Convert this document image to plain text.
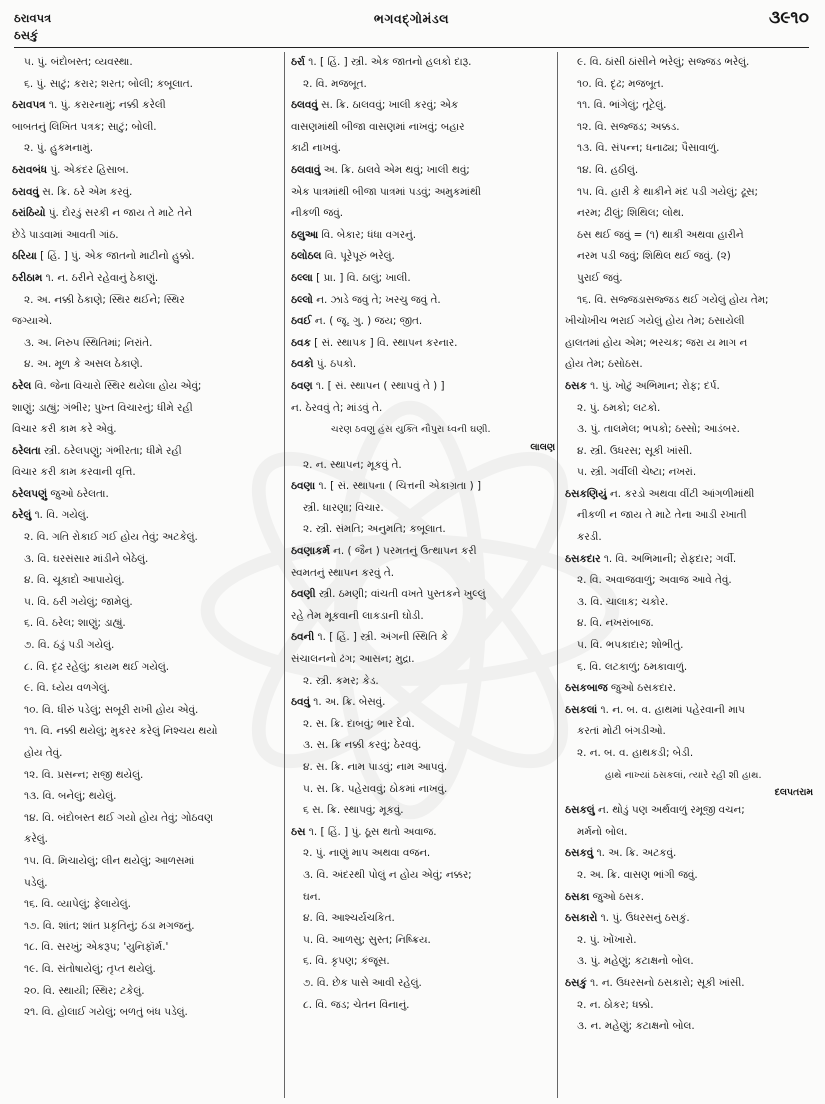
ઠરાવપત્ર
ઠસકું
ભગવદ્ગોમંડલ	૩૯૧૦
૫. પું. બંદોબસ્ત; વ્યવસ્થા.
૬. પું. સાટું; કરાર; શરત; બોલી; કબૂલાત.
ઠરાવપત્ર ૧. પું. કરારનામું; નક્કી કરેલી
બાબતનું લિખિત પત્રક; સાટું; બોલી.
૨. પું. હુકમનામું.
ઠરાવબંધ પું. એકંદર હિસાબ.
ઠરાવવું સ. ક્રિ. ઠરે એમ કરવું.
ઠરાંઠિયો પું. દોરડું સરકી ન જાય તે માટે તેને
છેડે પાડવામાં આવતી ગાંઠ.
ઠરિયા [ હિં. ] પું. એક જાતનો માટીનો હુક્કો.
ઠરીઠામ ૧. ન. ઠરીને રહેવાનું ઠેકાણું.
૨. અ. નક્કી ઠેકાણે; સ્થિર થઈને; સ્થિર
જગ્યાએ.
૩. અ. નિરુપ સ્થિતિમાં; નિરાંતે.
૪. અ. મૂળ કે અસલ ઠેકાણે.
ઠરેલ વિ. જેના વિચારો સ્થિર થયેલા હોય એવું;
શાણું; ડાહ્યું; ગંભીર; પુખ્ત વિચારનું; ધીમે રહી
વિચાર કરી કામ કરે એવું.
ઠરેલતા સ્ત્રી. ઠરેલપણું; ગંભીરતા; ધીમે રહી
વિચાર કરી કામ કરવાની વૃત્તિ.
ઠરેલપણું જુઓ ઠરેલતા.
ઠરેલું ૧. વિ. ગયેલું.
૨. વિ. ગતિ રોકાઈ ગઈ હોય તેવું; અટકેલું.
૩. વિ. ઘરસંસાર માંડીને બેઠેલું.
૪. વિ. ચૂકાદો આપાયેલું.
૫. વિ. ઠરી ગયેલું; જામેલું.
૬. વિ. ઠરેલ; શાણું; ડાહ્યું.
૭. વિ. ઠંડું પડી ગયેલું.
૮. વિ. દૃઢ રહેલું; કાયમ થઈ ગયેલું.
૯. વિ. ધ્યેય વળગેલું.
૧૦. વિ. ધીરું પડેલું; સબૂરી રાખી હોય એવું.
૧૧. વિ. નક્કી થયેલું; મુકરર કરેલું નિશ્ચય થયો
હોય તેવું.
૧૨. વિ. પ્રસન્ન; રાજી થયેલું.
૧૩. વિ. બનેલું; થયેલું.
૧૪. વિ. બંદોબસ્ત થઈ ગયો હોય તેવું; ગોઠવણ
કરેલું.
૧૫. વિ. મિચાયેલું; લીન થયેલું; આળસમાં
પડેલું.
૧૬. વિ. વ્યાપેલું; ફેલાયેલું.
૧૭. વિ. શાંત; શાંત પ્રકૃતિનું; ઠંડા મગજનું.
૧૮. વિ. સરખું; એકરૂપ; 'યુનિફૉર્મ.'
૧૯. વિ. સંતોષાયેલું; તૃપ્ત થયેલું.
૨૦. વિ. સ્થાયી; સ્થિર; ટકેલું.
૨૧. વિ. હોલાઈ ગયેલું; બળતું બંધ પડેલું.
ઠર્રા ૧. [ હિં. ] સ્ત્રી. એક જાતનો હલકો દારૂ.
૨. વિ. મજબૂત.
ઠલવવું સ. ક્રિ. ઠાલવવું; ખાલી કરવું; એક
વાસણમાંથી બીજા વાસણમાં નાખવું; બહાર
કાઢી નાખવું.
ઠલવાવું અ. ક્રિ. ઠાલવે એમ થવું; ખાલી થવું;
એક પાત્રમાંથી બીજા પાત્રમાં પડવું; અમુકમાંથી
નીકળી જવું.
ઠલુઆ વિ. બેકાર; ધંધા વગરનું.
ઠલોઠલ વિ. પૂરેપૂરું ભરેલું.
ઠલ્લા [ પ્રા. ] વિ. ઠાલું; ખાલી.
ઠલ્લો ન. ઝાડે જવું તે; ખરચુ જવું તે.
ઠવઈ ન. ( જૂ. ગુ. ) જય; જીત.
ઠવક [ સં. સ્થાપક ] વિ. સ્થાપન કરનાર.
ઠવકો પું. ઠપકો.
ઠવણ ૧. [ સં. સ્થાપન ( સ્થાપવું તે ) ]
ન. ઠેરવવું તે; માંડવું તે.
ચરણ ઠવણુ હંસ યુક્તિ નૌપુરા ધ્વની ઘણી.
લાલણ
૨. ન. સ્થાપન; મૂકવું તે.
ઠવણા ૧. [ સં. સ્થાપના ( ચિત્તની એકાગ્રતા ) ]
સ્ત્રી. ધારણા; વિચાર.
૨. સ્ત્રી. સંમતિ; અનુમતિ; કબૂલાત.
ઠવણાકર્મ ન. ( જૈન ) પરમતનું ઉત્થાપન કરી
સ્વમતનું સ્થાપન કરવું તે.
ઠવણી સ્ત્રી. ઠમણી; વાંચતી વખતે પુસ્તકને ખુલ્લું
રહે તેમ મૂકવાની લાકડાની ઘોડી.
ઠવની ૧. [ હિં. ] સ્ત્રી. અંગની સ્થિતિ કે
સંચાલનનો ઢંગ; આસન; મુદ્રા.
૨. સ્ત્રી. કમર; કેડ.
ઠવવું ૧. અ. ક્રિ. બેસવું.
૨. સ. ક્રિ. દાબવું; ભાર દેવો.
૩. સ. ક્રિ નક્કી કરવું; ઠેરવવું.
૪. સ. ક્રિ. નામ પાડવું; નામ આપવું.
૫. સ. ક્રિ. પહેરાવવું; ઠોકમાં નાખવું.
૬ સ. ક્રિ. સ્થાપવું; મૂકવું.
ઠસ ૧. [ હિં. ] પું. ઠૂસ થતો અવાજ.
૨. પું. નાણું માપ અથવા વજન.
૩. વિ. અંદરથી પોલું ન હોય એવું; નક્કર;
ઘન.
૪. વિ. આશ્ચર્યચકિત.
૫. વિ. આળસુ; સુસ્ત; નિષ્ક્રિય.
૬. વિ. કૃપણ; કંજૂસ.
૭. વિ. છેક પાસે આવી રહેલું.
૮. વિ. જડ; ચેતન વિનાનું.
૯. વિ. ઠાંસી ઠાંસીને ભરેલું; સજ્જડ ભરેલું.
૧૦. વિ. દૃઢ; મજબૂત.
૧૧. વિ. ભાંગેલું; તૂટેલું.
૧૨. વિ. સજ્જડ; અક્કડ.
૧૩. વિ. સંપન્ન; ધનાઢ્ય; પૈસાવાળું.
૧૪. વિ. હઠીલું.
૧૫. વિ. હારી કે થાકીને મંદ પડી ગયેલું; ઢૂસ;
નરમ; ઢીલું; શિથિલ; લોથ.
ઠસ થઈ જવું = (૧) થાકી અથવા હારીને
નરમ પડી જવું; શિથિલ થઈ જવું. (૨)
પુરાઈ જવું.
૧૬. વિ. સજ્જડાસજ્જડ થઈ ગયેલું હોય તેમ;
ખીચોખીચ ભરાઈ ગયેલું હોય તેમ; ઠસાયેલી
હાલતમાં હોય એમ; ભરચક; જરા ય માગ ન
હોય તેમ; ઠસોઠસ.
ઠસક ૧. પું. ખોટું અભિમાન; રોફ; દર્પ.
૨. પું. ઠમકો; લટકો.
૩. પું. તાલમેલ; ભપકો; ઠસ્સો; આડંબર.
૪. સ્ત્રી. ઉધરસ; સૂકી ખાંસી.
૫. સ્ત્રી. ગર્વીલી ચેષ્ટા; નખરાં.
ઠસકણિયું ન. કરડો અથવા વીંટી આંગળીમાંથી
નીકળી ન જાય તે માટે તેના આડી રખાતી
કરડી.
ઠસકદાર ૧. વિ. અભિમાની; રોફદાર; ગર્વી.
૨. વિ. અવાજવાળું; અવાજ આવે તેવું.
૩. વિ. ચાલાક; ચકોર.
૪. વિ. નખરાંબાજ.
૫. વિ. ભપકાદાર; શોભીતું.
૬. વિ. લટકાળું; ઠમકાવાળું.
ઠસકબાજ જુઓ ઠસકદાર.
ઠસકલાં ૧. ન. બ. વ. હાથમાં પહેરવાની માપ
કરતાં મોટી બંગડીઓ.
૨. ન. બ. વ. હાથકડી; બેડી.
હાથે નાખ્યાં ઠસકલાં, ત્યારે રહી શી હાથ.
દલપતરામ
ઠસકલું ન. થોડું પણ અર્થવાળું રમૂજી વચન;
મર્મનો બોલ.
ઠસકવું ૧. અ. ક્રિ. અટકવું.
૨. અ. ક્રિ. વાસણ ભાંગી જવું.
ઠસકા જુઓ ઠસક.
ઠસકારો ૧. પું. ઉધરસનું ઠસકું.
૨. પું. ખોંખારો.
૩. પું. મહેણું; કટાક્ષનો બોલ.
ઠસકું ૧. ન. ઉધરસનો ઠસકારો; સૂકી ખાંસી.
૨. ન. ઠોકર; ધક્કો.
૩. ન. મહેણું; કટાક્ષનો બોલ.
